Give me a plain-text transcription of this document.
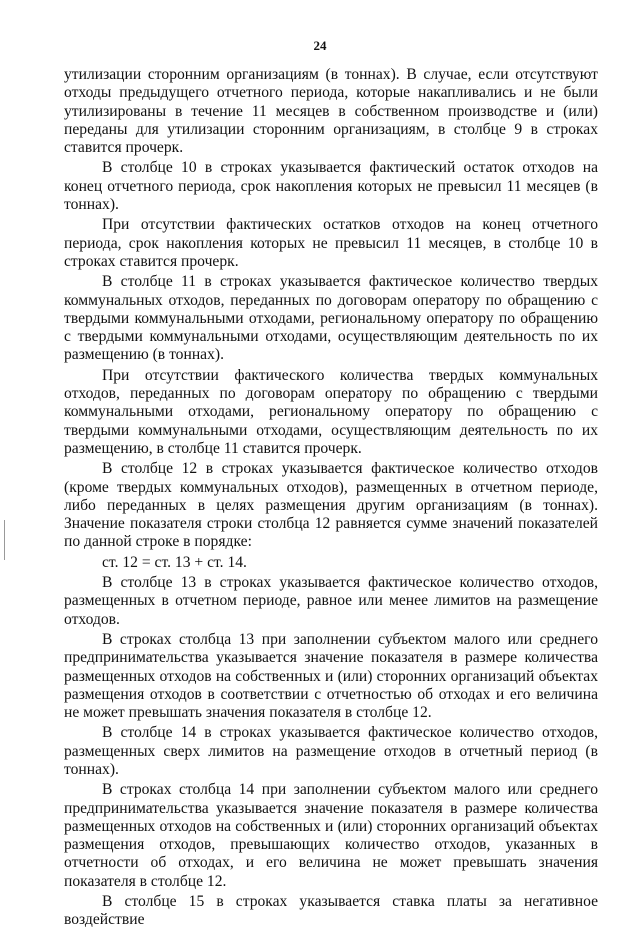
24

утилизации сторонним организациям (в тоннах). В случае, если отсутствуют отходы предыдущего отчетного периода, которые накапливались и не были утилизированы в течение 11 месяцев в собственном производстве и (или) переданы для утилизации сторонним организациям, в столбце 9 в строках ставится прочерк.

В столбце 10 в строках указывается фактический остаток отходов на конец отчетного периода, срок накопления которых не превысил 11 месяцев (в тоннах).

При отсутствии фактических остатков отходов на конец отчетного периода, срок накопления которых не превысил 11 месяцев, в столбце 10 в строках ставится прочерк.

В столбце 11 в строках указывается фактическое количество твердых коммунальных отходов, переданных по договорам оператору по обращению с твердыми коммунальными отходами, региональному оператору по обращению с твердыми коммунальными отходами, осуществляющим деятельность по их размещению (в тоннах).

При отсутствии фактического количества твердых коммунальных отходов, переданных по договорам оператору по обращению с твердыми коммунальными отходами, региональному оператору по обращению с твердыми коммунальными отходами, осуществляющим деятельность по их размещению, в столбце 11 ставится прочерк.

В столбце 12 в строках указывается фактическое количество отходов (кроме твердых коммунальных отходов), размещенных в отчетном периоде, либо переданных в целях размещения другим организациям (в тоннах). Значение показателя строки столбца 12 равняется сумме значений показателей по данной строке в порядке:

ст. 12 = ст. 13 + ст. 14.

В столбце 13 в строках указывается фактическое количество отходов, размещенных в отчетном периоде, равное или менее лимитов на размещение отходов.

В строках столбца 13 при заполнении субъектом малого или среднего предпринимательства указывается значение показателя в размере количества размещенных отходов на собственных и (или) сторонних организаций объектах размещения отходов в соответствии с отчетностью об отходах и его величина не может превышать значения показателя в столбце 12.

В столбце 14 в строках указывается фактическое количество отходов, размещенных сверх лимитов на размещение отходов в отчетный период (в тоннах).

В строках столбца 14 при заполнении субъектом малого или среднего предпринимательства указывается значение показателя в размере количества размещенных отходов на собственных и (или) сторонних организаций объектах размещения отходов, превышающих количество отходов, указанных в отчетности об отходах, и его величина не может превышать значения показателя в столбце 12.

В столбце 15 в строках указывается ставка платы за негативное воздействие
